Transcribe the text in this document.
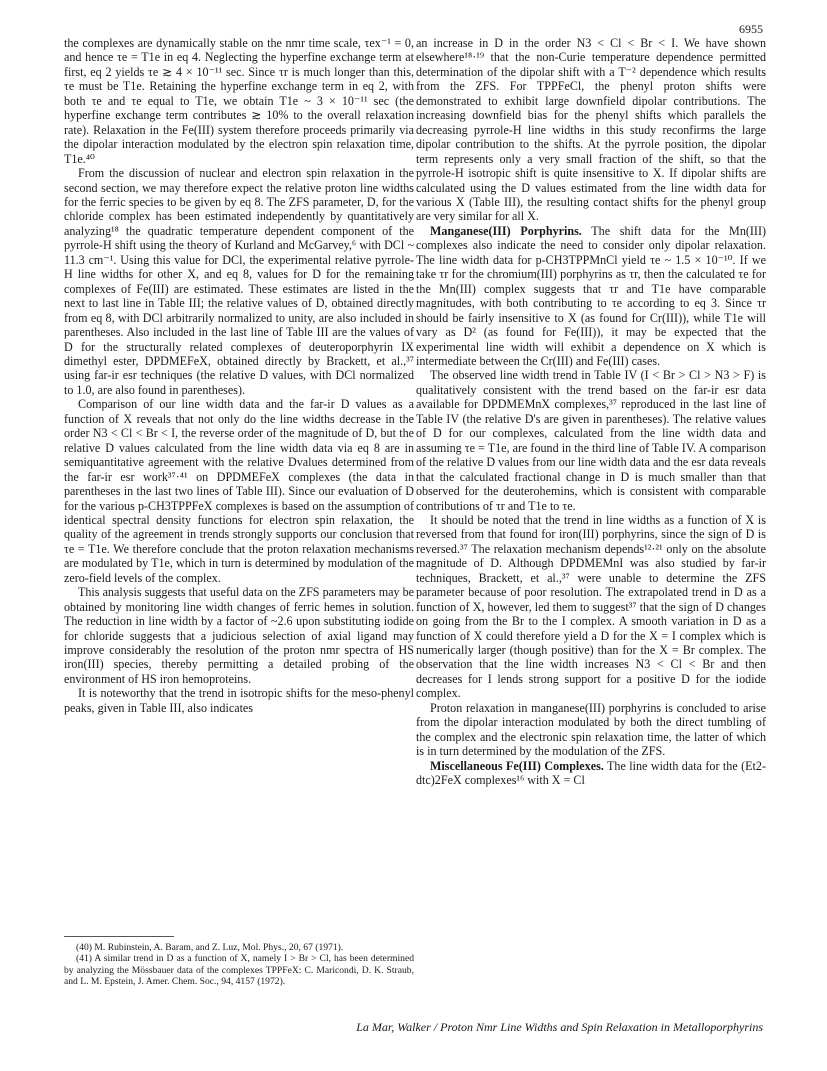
6955

the complexes are dynamically stable on the nmr time scale, τex⁻¹ = 0, and hence τe = T1e in eq 4. Neglecting the hyperfine exchange term at first, eq 2 yields τe ≳ 4 × 10⁻¹¹ sec. Since τr is much longer than this, τe must be T1e. Retaining the hyperfine exchange term in eq 2, with both τe and τe equal to T1e, we obtain T1e ~ 3 × 10⁻¹¹ sec (the hyperfine exchange term contributes ≳ 10% to the overall relaxation rate). Relaxation in the Fe(III) system therefore proceeds primarily via the dipolar interaction modulated by the electron spin relaxation time, T1e.⁴⁰

From the discussion of nuclear and electron spin relaxation in the second section, we may therefore expect the relative proton line widths for the ferric species to be given by eq 8. The ZFS parameter, D, for the chloride complex has been estimated independently by quantitatively analyzing¹⁸ the quadratic temperature dependent component of the pyrrole-H shift using the theory of Kurland and McGarvey,⁶ with DCl ~ 11.3 cm⁻¹. Using this value for DCl, the experimental relative pyrrole-H line widths for other X, and eq 8, values for D for the remaining complexes of Fe(III) are estimated. These estimates are listed in the next to last line in Table III; the relative values of D, obtained directly from eq 8, with DCl arbitrarily normalized to unity, are also included in parentheses. Also included in the last line of Table III are the values of D for the structurally related complexes of deuteroporphyrin IX dimethyl ester, DPDMEFeX, obtained directly by Brackett, et al.,³⁷ using far-ir esr techniques (the relative D values, with DCl normalized to 1.0, are also found in parentheses).

Comparison of our line width data and the far-ir D values as a function of X reveals that not only do the line widths decrease in the order N3 < Cl < Br < I, the reverse order of the magnitude of D, but the relative D values calculated from the line width data via eq 8 are in semiquantitative agreement with the relative Dvalues determined from the far-ir esr work³⁷·⁴¹ on DPDMEFeX complexes (the data in parentheses in the last two lines of Table III). Since our evaluation of D for the various p-CH3TPPFeX complexes is based on the assumption of identical spectral density functions for electron spin relaxation, the quality of the agreement in trends strongly supports our conclusion that τe = T1e. We therefore conclude that the proton relaxation mechanisms are modulated by T1e, which in turn is determined by modulation of the zero-field levels of the complex.

This analysis suggests that useful data on the ZFS parameters may be obtained by monitoring line width changes of ferric hemes in solution. The reduction in line width by a factor of ~2.6 upon substituting iodide for chloride suggests that a judicious selection of axial ligand may improve considerably the resolution of the proton nmr spectra of HS iron(III) species, thereby permitting a detailed probing of the environment of HS iron hemoproteins.

It is noteworthy that the trend in isotropic shifts for the meso-phenyl peaks, given in Table III, also indicates

an increase in D in the order N3 < Cl < Br < I. We have shown elsewhere¹⁸·¹⁹ that the non-Curie temperature dependence permitted determination of the dipolar shift with a T⁻² dependence which results from the ZFS. For TPPFeCl, the phenyl proton shifts were demonstrated to exhibit large downfield dipolar contributions. The increasing downfield bias for the phenyl shifts which parallels the decreasing pyrrole-H line widths in this study reconfirms the large dipolar contribution to the shifts. At the pyrrole position, the dipolar term represents only a very small fraction of the shift, so that the pyrrole-H isotropic shift is quite insensitive to X. If dipolar shifts are calculated using the D values estimated from the line width data for various X (Table III), the resulting contact shifts for the phenyl group are very similar for all X.

Manganese(III) Porphyrins. The shift data for the Mn(III) complexes also indicate the need to consider only dipolar relaxation. The line width data for p-CH3TPPMnCl yield τe ~ 1.5 × 10⁻¹⁰. If we take τr for the chromium(III) porphyrins as τr, then the calculated τe for the Mn(III) complex suggests that τr and T1e have comparable magnitudes, with both contributing to τe according to eq 3. Since τr should be fairly insensitive to X (as found for Cr(III)), while T1e will vary as D² (as found for Fe(III)), it may be expected that the experimental line width will exhibit a dependence on X which is intermediate between the Cr(III) and Fe(III) cases.

The observed line width trend in Table IV (I < Br > Cl > N3 > F) is qualitatively consistent with the trend based on the far-ir esr data available for DPDMEMnX complexes,³⁷ reproduced in the last line of Table IV (the relative D's are given in parentheses). The relative values of D for our complexes, calculated from the line width data and assuming τe = T1e, are found in the third line of Table IV. A comparison of the relative D values from our line width data and the esr data reveals that the calculated fractional change in D is much smaller than that observed for the deuterohemins, which is consistent with comparable contributions of τr and T1e to τe.

It should be noted that the trend in line widths as a function of X is reversed from that found for iron(III) porphyrins, since the sign of D is reversed.³⁷ The relaxation mechanism depends¹²·²¹ only on the absolute magnitude of D. Although DPDMEMnI was also studied by far-ir techniques, Brackett, et al.,³⁷ were unable to determine the ZFS parameter because of poor resolution. The extrapolated trend in D as a function of X, however, led them to suggest³⁷ that the sign of D changes on going from the Br to the I complex. A smooth variation in D as a function of X could therefore yield a D for the X = I complex which is numerically larger (though positive) than for the X = Br complex. The observation that the line width increases N3 < Cl < Br and then decreases for I lends strong support for a positive D for the iodide complex.

Proton relaxation in manganese(III) porphyrins is concluded to arise from the dipolar interaction modulated by both the direct tumbling of the complex and the electronic spin relaxation time, the latter of which is in turn determined by the modulation of the ZFS.

Miscellaneous Fe(III) Complexes. The line width data for the (Et2-dtc)2FeX complexes¹⁶ with X = Cl

(40) M. Rubinstein, A. Baram, and Z. Luz, Mol. Phys., 20, 67 (1971).

(41) A similar trend in D as a function of X, namely I > Br > Cl, has been determined by analyzing the Mössbauer data of the complexes TPPFeX: C. Maricondi, D. K. Straub, and L. M. Epstein, J. Amer. Chem. Soc., 94, 4157 (1972).

La Mar, Walker / Proton Nmr Line Widths and Spin Relaxation in Metalloporphyrins
